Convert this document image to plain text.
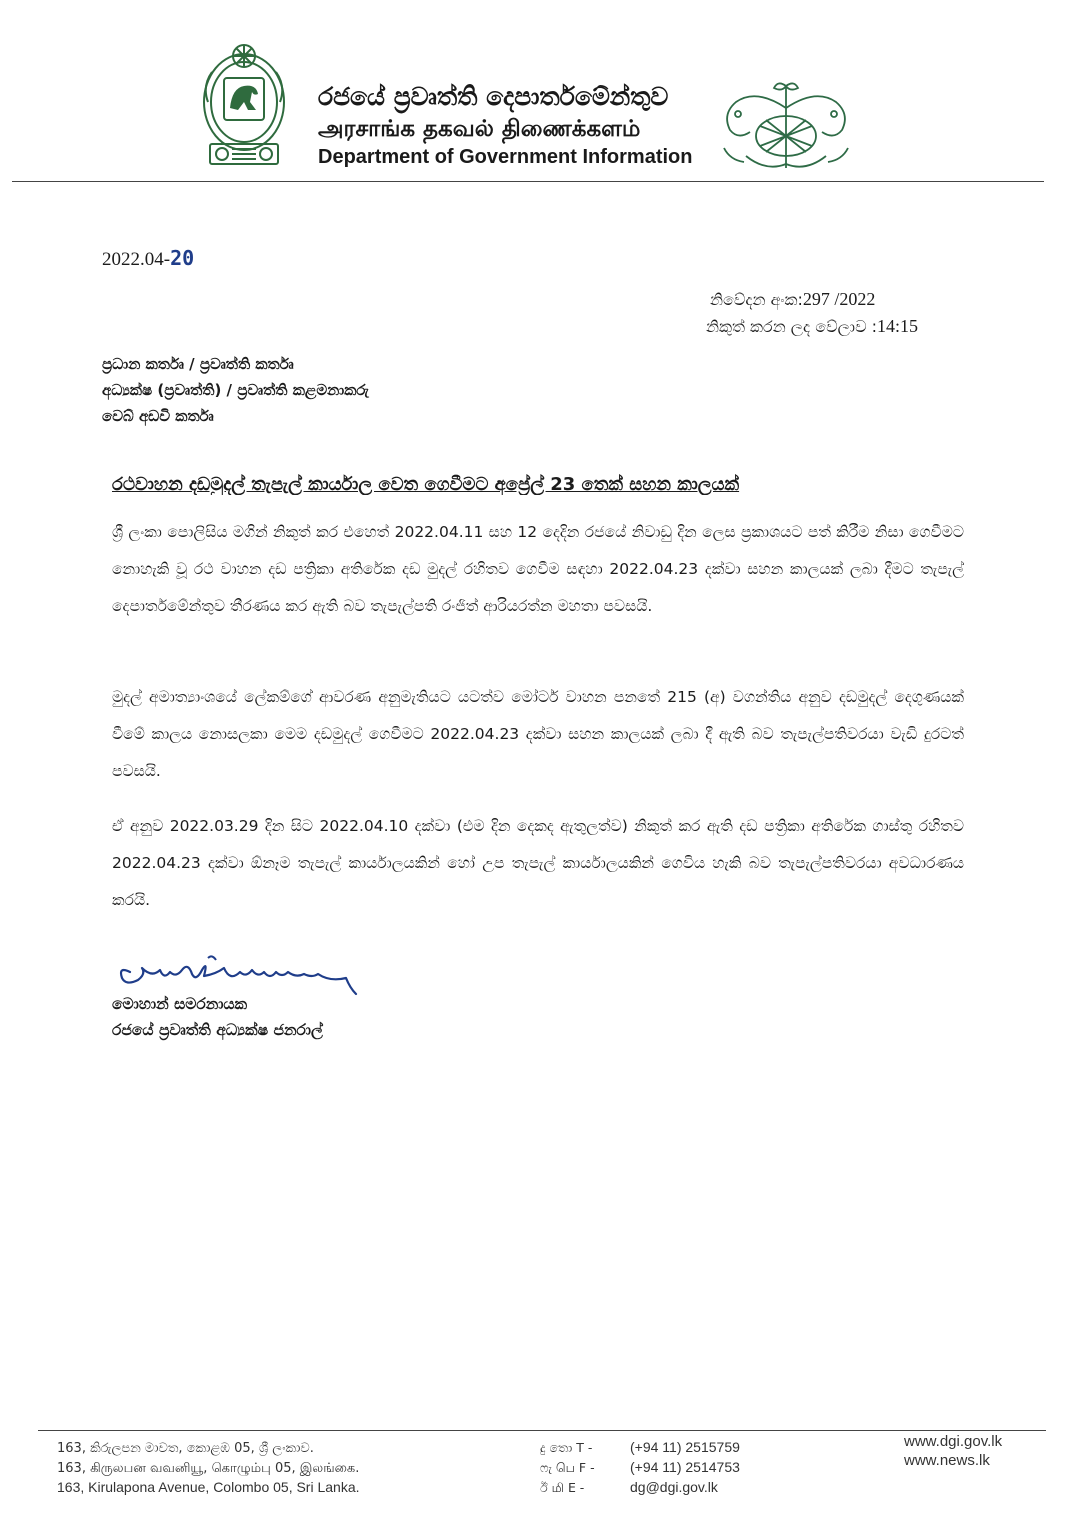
රජයේ ප්‍රවෘත්ති දෙපාර්තමේන්තුව
அரசாங்க தகவல் திணைக்களம்
Department of Government Information
2022.04-20
නිවේදන අංක:297 /2022
නිකුත් කරන ලද වේලාව :14:15
ප්‍රධාන කර්තෘ / ප්‍රවෘත්ති කර්තෘ
අධ්‍යක්ෂ (ප්‍රවෘත්ති) / ප්‍රවෘත්ති කළමනාකරු
වෙබ් අඩවි කර්තෘ
රථවාහන දඩමුදල් තැපැල් කාර්යාල වෙත ගෙවීමට අප්‍රේල් 23 තෙක් සහන කාලයක්
ශ්‍රී ලංකා පොලිසිය මගින් නිකුත් කර එහෙත් 2022.04.11 සහ 12 දෙදින රජයේ නිවාඩු දින ලෙස ප්‍රකාශයට පත් කිරීම නිසා ගෙවීමට නොහැකි වූ රථ වාහන දඩ පත්‍රිකා අතිරේක දඩ මුදල් රහිතව ගෙවීම සඳහා 2022.04.23 දක්වා සහන කාලයක් ලබා දීමට තැපැල් දෙපාර්තමේන්තුව තීරණය කර ඇති බව තැපැල්පති රංජිත් ආරියරත්න මහතා පවසයි.
මුදල් අමාත්‍යාංශයේ ලේකම්ගේ ආවරණ අනුමැතියට යටත්ව මෝටර් වාහන පනතේ 215 (අ) වගන්තිය අනුව දඩමුදල් දෙගුණයක් වීමේ කාලය නොසලකා මෙම දඩමුදල් ගෙවීමට 2022.04.23 දක්වා සහන කාලයක් ලබා දී ඇති බව තැපැල්පතිවරයා වැඩි දුරටත් පවසයි.
ඒ අනුව 2022.03.29 දින සිට 2022.04.10 දක්වා (එම දින දෙකද ඇතුලත්ව) නිකුත් කර ඇති දඩ පත්‍රිකා අතිරේක ගාස්තු රහිතව 2022.04.23 දක්වා ඕනෑම තැපැල් කාර්යාලයකින් හෝ උප තැපැල් කාර්යාලයකින් ගෙවිය හැකි බව තැපැල්පතිවරයා අවධාරණය කරයි.
මොහාන් සමරනායක
රජයේ ප්‍රවෘත්ති අධ්‍යක්ෂ ජනරාල්
163, කිරුලපන මාවත, කොළඹ 05, ශ්‍රී ලංකාව.
163, கிருலபன வவனியூ, கொழும்பு 05, இலங்கை.
163, Kirulapona Avenue, Colombo 05, Sri Lanka.
දු තො T -	(+94 11) 2515759
ෆැ பெ F -	(+94 11) 2514753
ඊ மி E -	dg@dgi.gov.lk
www.dgi.gov.lk
www.news.lk
